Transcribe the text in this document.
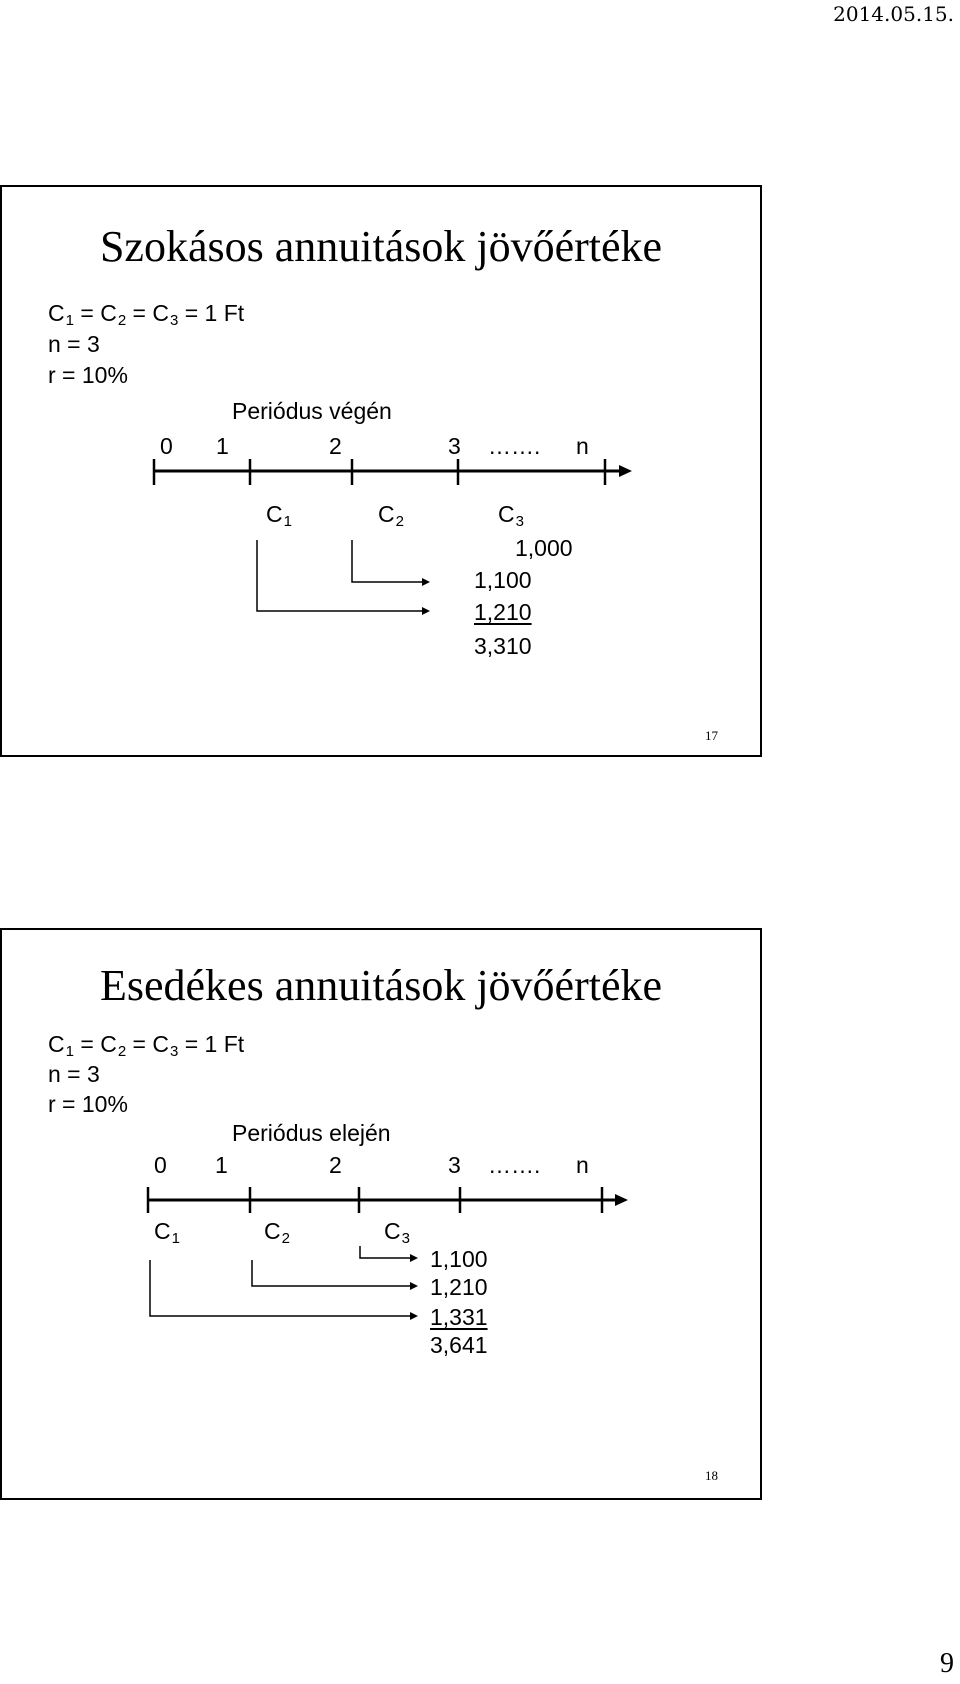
2014.05.15.
Szokásos annuitások jövőértéke
C1 = C2 = C3 = 1 Ft
n = 3
r = 10%
Periódus végén
0 1	2	3 ……. n
C1	C2	C3
1,000
1,100
1,210
3,310
17
Esedékes annuitások jövőértéke
C1 = C2 = C3 = 1 Ft
n = 3
r = 10%
Periódus elején
0 1	2	3 ……. n
C1	C2	C3
1,100
1,210
1,331
3,641
18
9
